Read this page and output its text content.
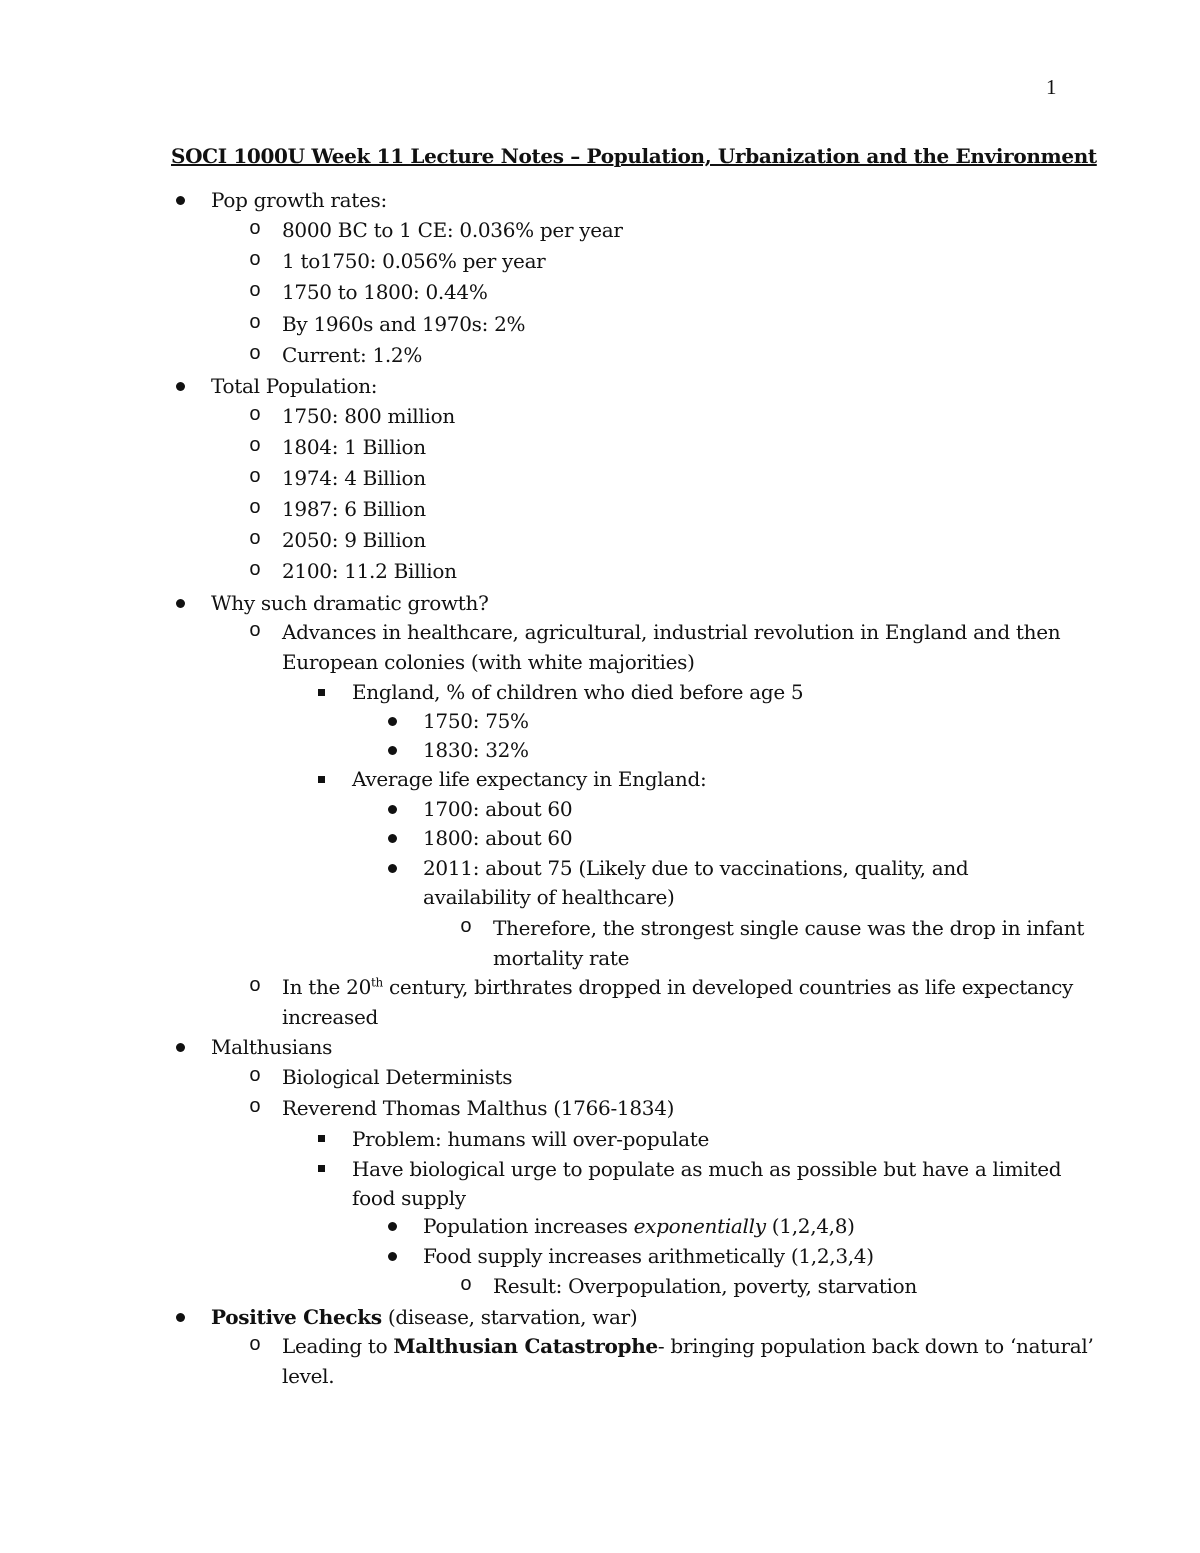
1
SOCI 1000U Week 11 Lecture Notes – Population, Urbanization and the Environment
Pop growth rates:
o 8000 BC to 1 CE: 0.036% per year
o 1 to1750: 0.056% per year
o 1750 to 1800: 0.44%
o By 1960s and 1970s: 2%
o Current: 1.2%
Total Population:
o 1750: 800 million
o 1804: 1 Billion
o 1974: 4 Billion
o 1987: 6 Billion
o 2050: 9 Billion
o 2100: 11.2 Billion
Why such dramatic growth?
o Advances in healthcare, agricultural, industrial revolution in England and then
European colonies (with white majorities)
England, % of children who died before age 5
1750: 75%
1830: 32%
Average life expectancy in England:
1700: about 60
1800: about 60
2011: about 75 (Likely due to vaccinations, quality, and
availability of healthcare)
o Therefore, the strongest single cause was the drop in infant
mortality rate
o In the 20th century, birthrates dropped in developed countries as life expectancy
increased
Malthusians
o Biological Determinists
o Reverend Thomas Malthus (1766-1834)
Problem: humans will over-populate
Have biological urge to populate as much as possible but have a limited
food supply
Population increases exponentially (1,2,4,8)
Food supply increases arithmetically (1,2,3,4)
o Result: Overpopulation, poverty, starvation
Positive Checks (disease, starvation, war)
o Leading to Malthusian Catastrophe- bringing population back down to ‘natural’
level.
